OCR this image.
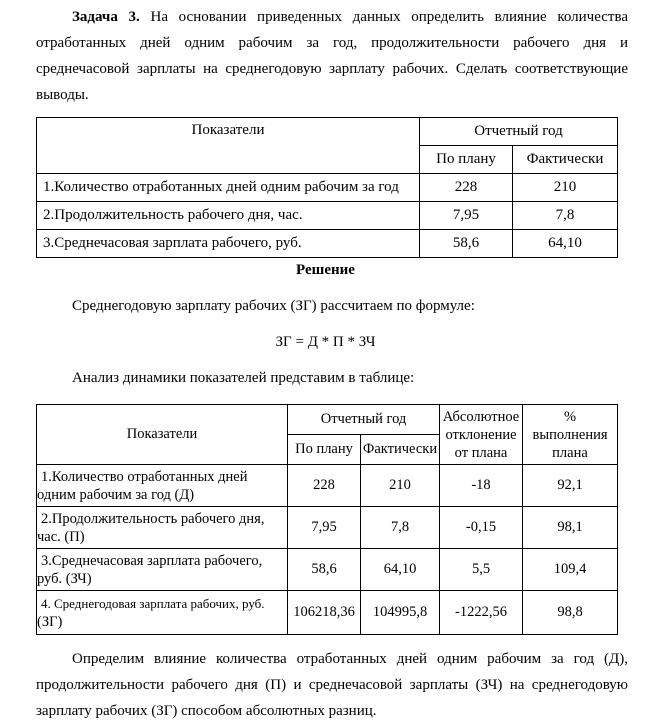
Задача 3. На основании приведенных данных определить влияние количества
отработанных дней одним рабочим за год, продолжительности рабочего дня и
среднечасовой зарплаты на среднегодовую зарплату рабочих. Сделать соответствующие
выводы.
Показатели	Отчетный год	
	По плану	Фактически
1.Количество отработанных дней одним рабочим за год	228	210
2.Продолжительность рабочего дня, час.	7,95	7,8
3.Среднечасовая зарплата рабочего, руб.	58,6	64,10
Решение
Среднегодовую зарплату рабочих (ЗГ) рассчитаем по формуле:
ЗГ = Д * П * ЗЧ
Анализ динамики показателей представим в таблице:
Показатели	Отчетный год		Абсолютное
отклонение
от плана	%
выполнения
плана
	По плану	Фактически		
1.Количество отработанных дней
одним рабочим за год (Д)	228	210	-18	92,1
2.Продолжительность рабочего дня,
час. (П)	7,95	7,8	-0,15	98,1
3.Среднечасовая зарплата рабочего,
руб. (ЗЧ)	58,6	64,10	5,5	109,4
4. Среднегодовая зарплата рабочих, руб.
(ЗГ)	106218,36	104995,8	-1222,56	98,8
Определим влияние количества отработанных дней одним рабочим за год (Д),
продолжительности рабочего дня (П) и среднечасовой зарплаты (ЗЧ) на среднегодовую
зарплату рабочих (ЗГ) способом абсолютных разниц.
